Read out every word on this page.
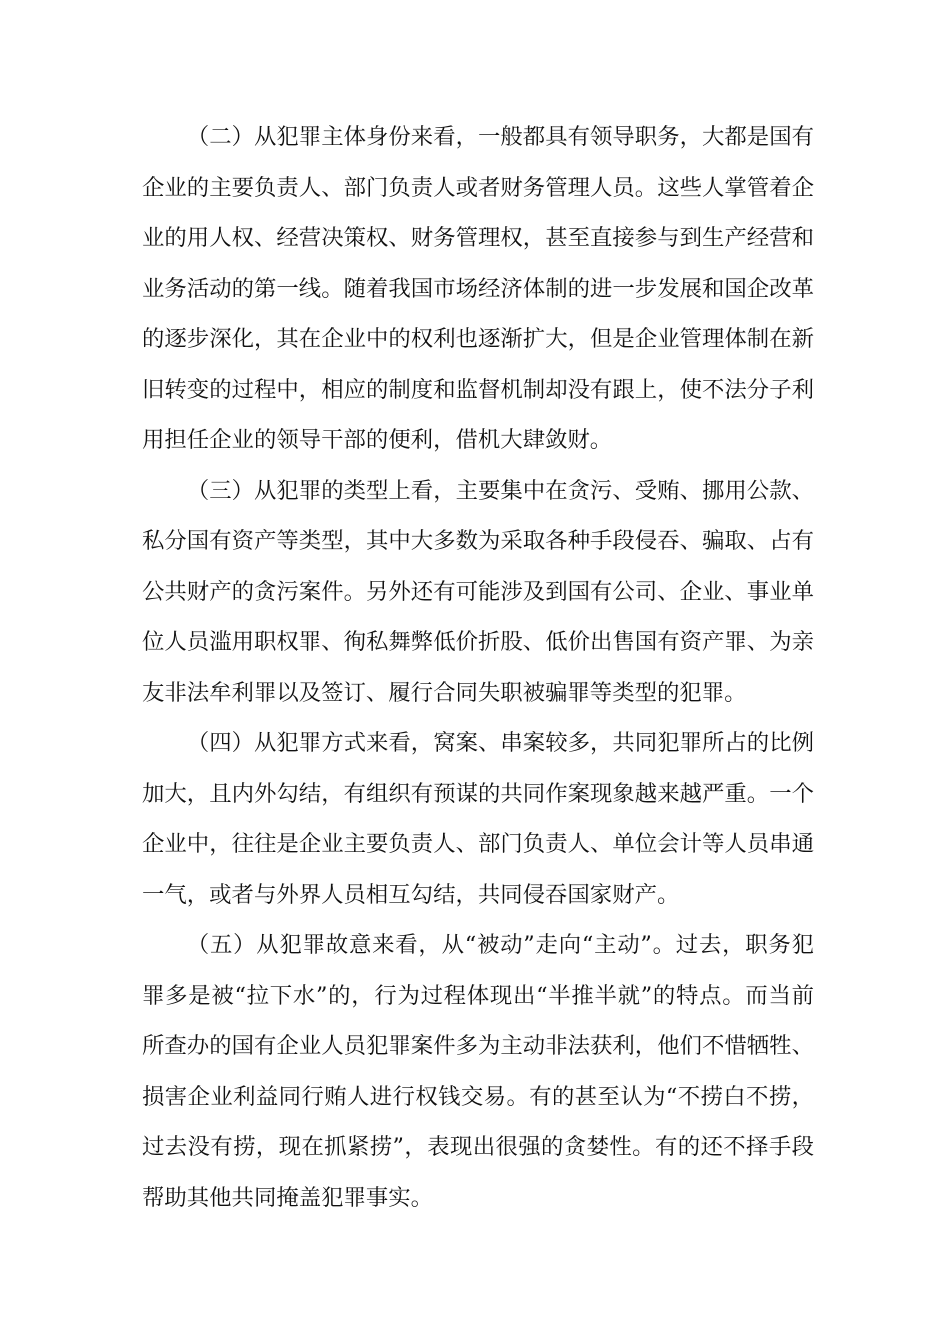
（二）从犯罪主体身份来看，一般都具有领导职务，大都是国有企业的主要负责人、部门负责人或者财务管理人员。这些人掌管着企业的用人权、经营决策权、财务管理权，甚至直接参与到生产经营和业务活动的第一线。随着我国市场经济体制的进一步发展和国企改革的逐步深化，其在企业中的权利也逐渐扩大，但是企业管理体制在新旧转变的过程中，相应的制度和监督机制却没有跟上，使不法分子利用担任企业的领导干部的便利，借机大肆敛财。

（三）从犯罪的类型上看，主要集中在贪污、受贿、挪用公款、私分国有资产等类型，其中大多数为采取各种手段侵吞、骗取、占有公共财产的贪污案件。另外还有可能涉及到国有公司、企业、事业单位人员滥用职权罪、徇私舞弊低价折股、低价出售国有资产罪、为亲友非法牟利罪以及签订、履行合同失职被骗罪等类型的犯罪。

（四）从犯罪方式来看，窝案、串案较多，共同犯罪所占的比例加大，且内外勾结，有组织有预谋的共同作案现象越来越严重。一个企业中，往往是企业主要负责人、部门负责人、单位会计等人员串通一气，或者与外界人员相互勾结，共同侵吞国家财产。

（五）从犯罪故意来看，从“被动”走向“主动”。过去，职务犯罪多是被“拉下水”的，行为过程体现出“半推半就”的特点。而当前所查办的国有企业人员犯罪案件多为主动非法获利，他们不惜牺牲、损害企业利益同行贿人进行权钱交易。有的甚至认为“不捞白不捞，过去没有捞，现在抓紧捞”，表现出很强的贪婪性。有的还不择手段帮助其他共同掩盖犯罪事实。
